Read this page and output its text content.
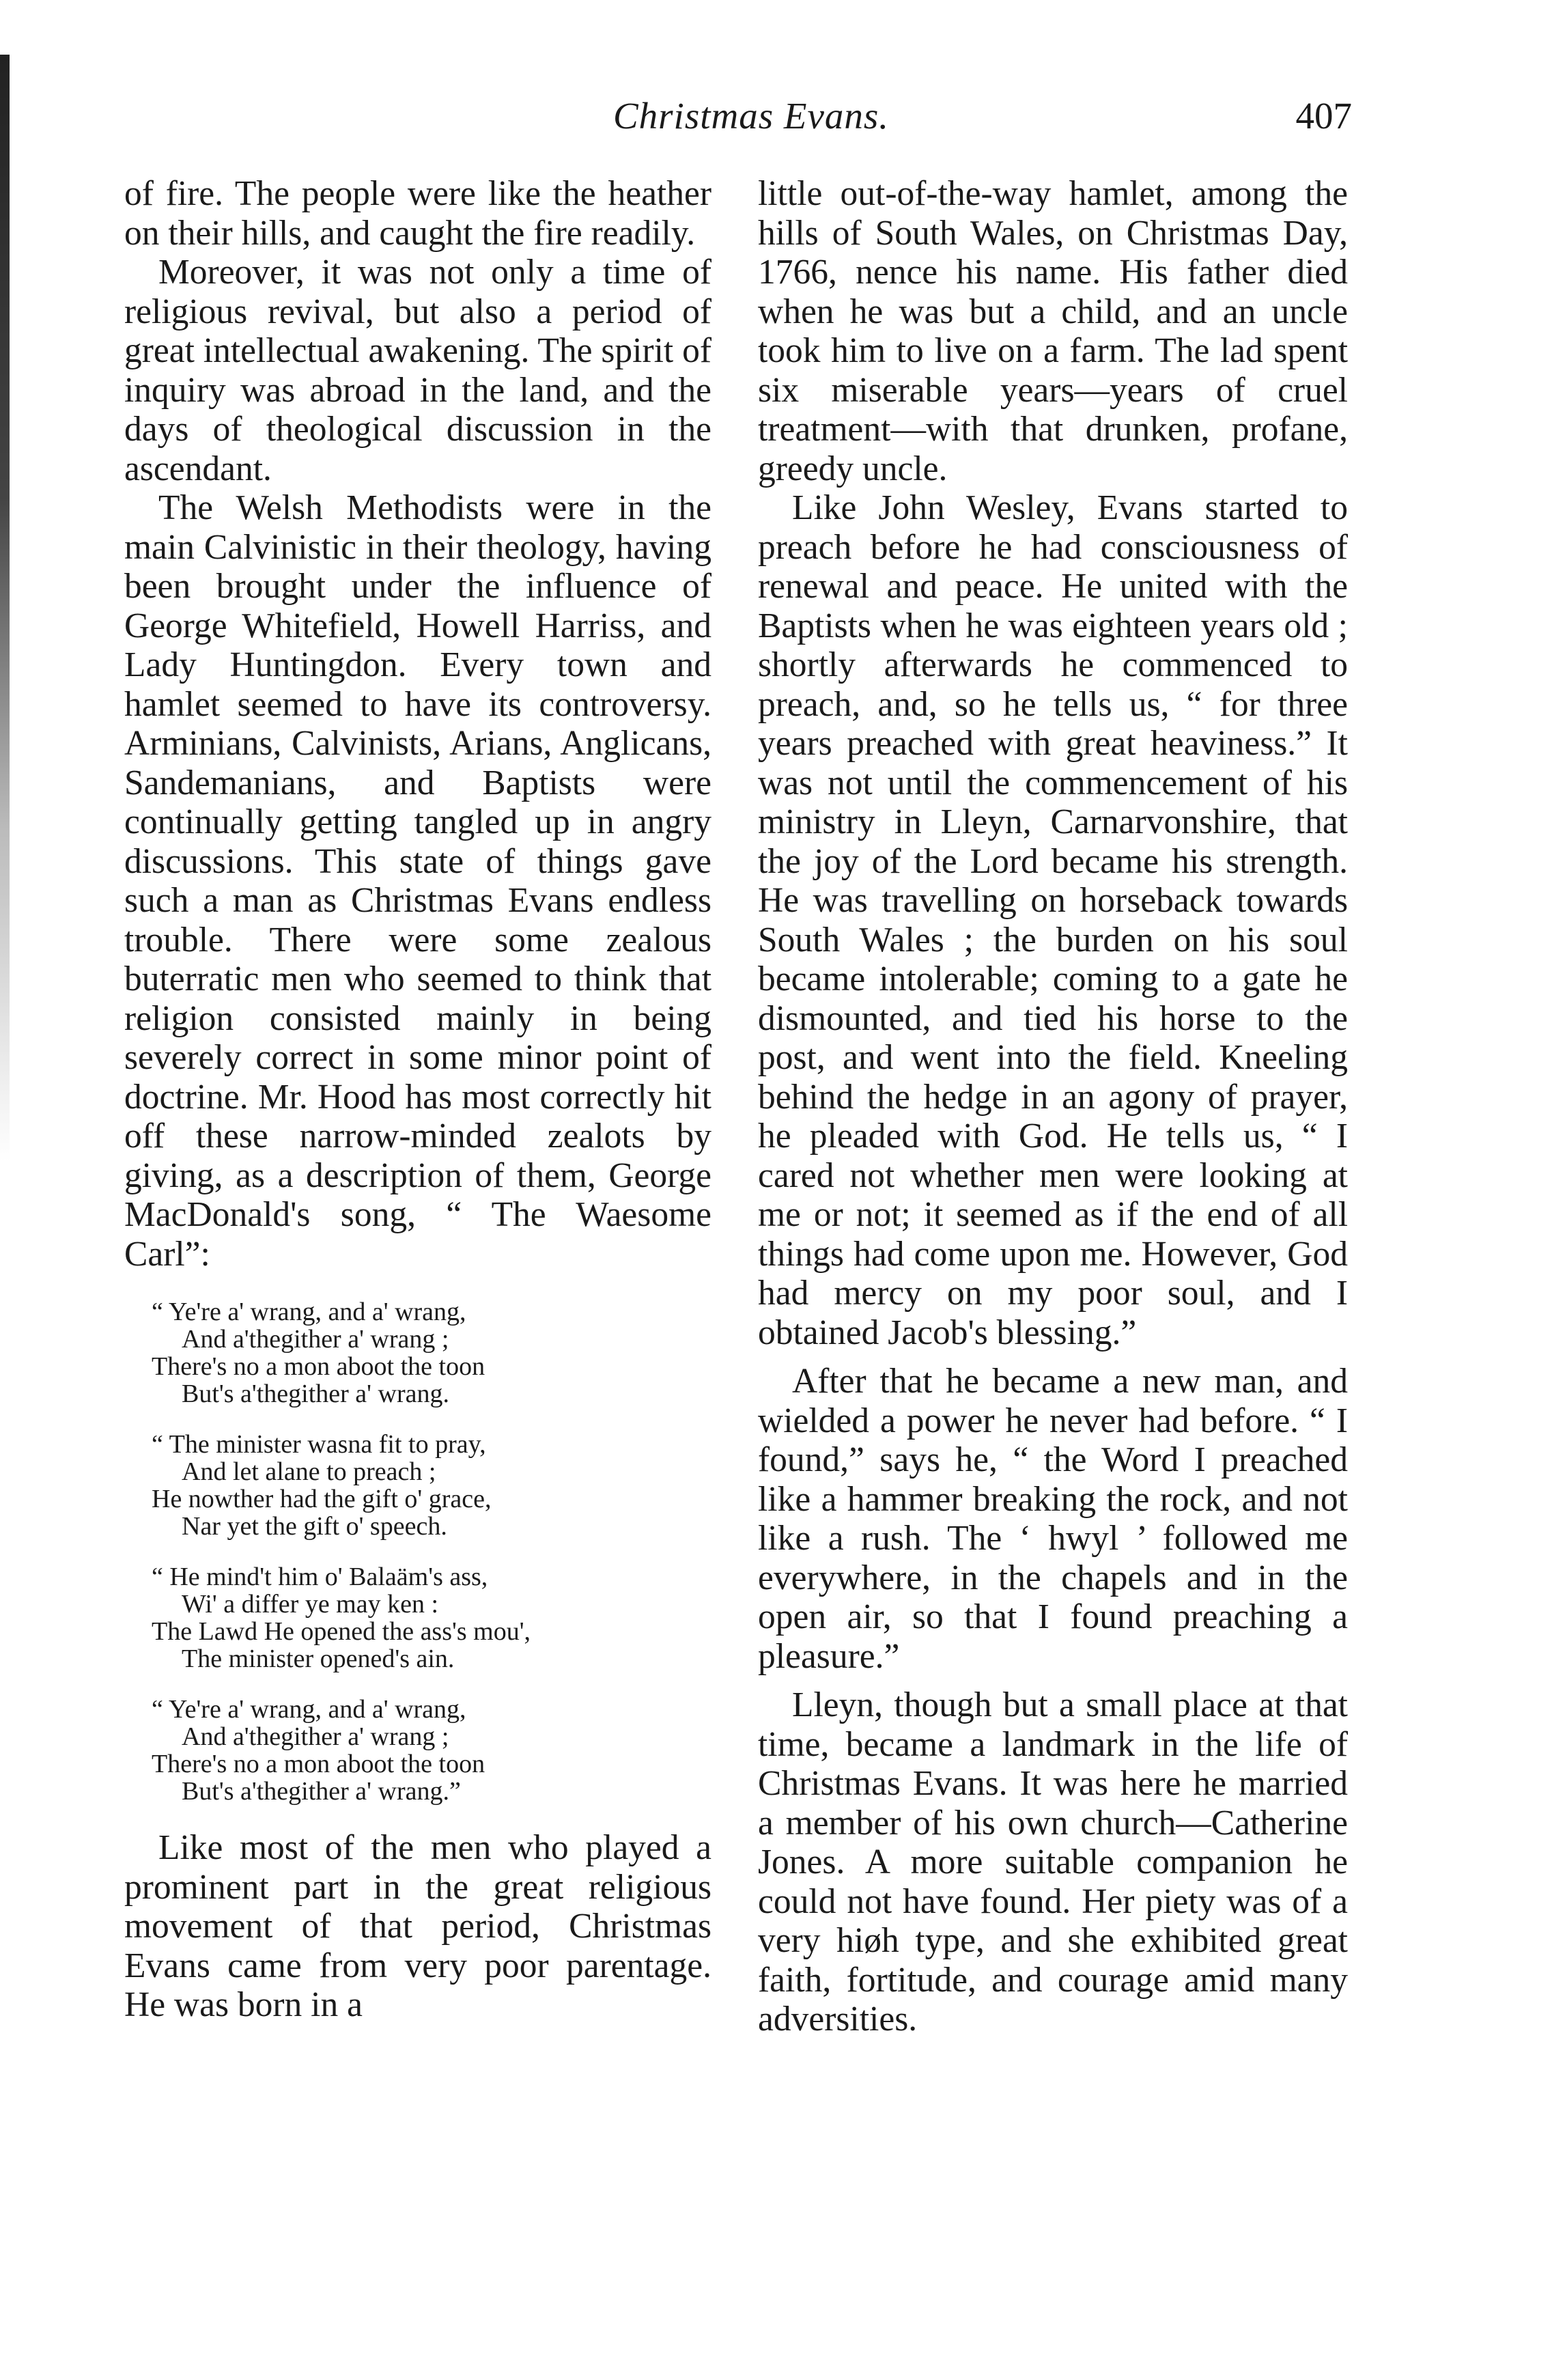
Christmas Evans.	407

of fire. The people were like the heather on their hills, and caught the fire readily.

Moreover, it was not only a time of religious revival, but also a period of great intellectual awakening. The spirit of inquiry was abroad in the land, and the days of theological discussion in the ascendant.

The Welsh Methodists were in the main Calvinistic in their theology, having been brought under the influence of George Whitefield, Howell Harriss, and Lady Huntingdon. Every town and hamlet seemed to have its controversy. Arminians, Calvinists, Arians, Anglicans, Sandemanians, and Baptists were continually getting tangled up in angry discussions. This state of things gave such a man as Christmas Evans endless trouble. There were some zealous buterratic men who seemed to think that religion consisted mainly in being severely correct in some minor point of doctrine. Mr. Hood has most correctly hit off these narrow-minded zealots by giving, as a description of them, George MacDonald's song, “ The Waesome Carl”:

“ Ye're a' wrang, and a' wrang,
And a'thegither a' wrang ;
There's no a mon aboot the toon
But's a'thegither a' wrang.
“ The minister wasna fit to pray,
And let alane to preach ;
He nowther had the gift o' grace,
Nar yet the gift o' speech.
“ He mind't him o' Balaäm's ass,
Wi' a differ ye may ken :
The Lawd He opened the ass's mou',
The minister opened's ain.
“ Ye're a' wrang, and a' wrang,
And a'thegither a' wrang ;
There's no a mon aboot the toon
But's a'thegither a' wrang.”

Like most of the men who played a prominent part in the great religious movement of that period, Christmas Evans came from very poor parentage. He was born in a

little out-of-the-way hamlet, among the hills of South Wales, on Christmas Day, 1766, nence his name. His father died when he was but a child, and an uncle took him to live on a farm. The lad spent six miserable years—years of cruel treatment—with that drunken, profane, greedy uncle.

Like John Wesley, Evans started to preach before he had consciousness of renewal and peace. He united with the Baptists when he was eighteen years old ; shortly afterwards he commenced to preach, and, so he tells us, “ for three years preached with great heaviness.” It was not until the commencement of his ministry in Lleyn, Carnarvonshire, that the joy of the Lord became his strength. He was travelling on horseback towards South Wales ; the burden on his soul became intolerable; coming to a gate he dismounted, and tied his horse to the post, and went into the field. Kneeling behind the hedge in an agony of prayer, he pleaded with God. He tells us, “ I cared not whether men were looking at me or not; it seemed as if the end of all things had come upon me. However, God had mercy on my poor soul, and I obtained Jacob's blessing.”

After that he became a new man, and wielded a power he never had before. “ I found,” says he, “ the Word I preached like a hammer breaking the rock, and not like a rush. The ‘ hwyl ’ followed me everywhere, in the chapels and in the open air, so that I found preaching a pleasure.”

Lleyn, though but a small place at that time, became a landmark in the life of Christmas Evans. It was here he married a member of his own church—Catherine Jones. A more suitable companion he could not have found. Her piety was of a very hiøh type, and she exhibited great faith, fortitude, and courage amid many adversities.
